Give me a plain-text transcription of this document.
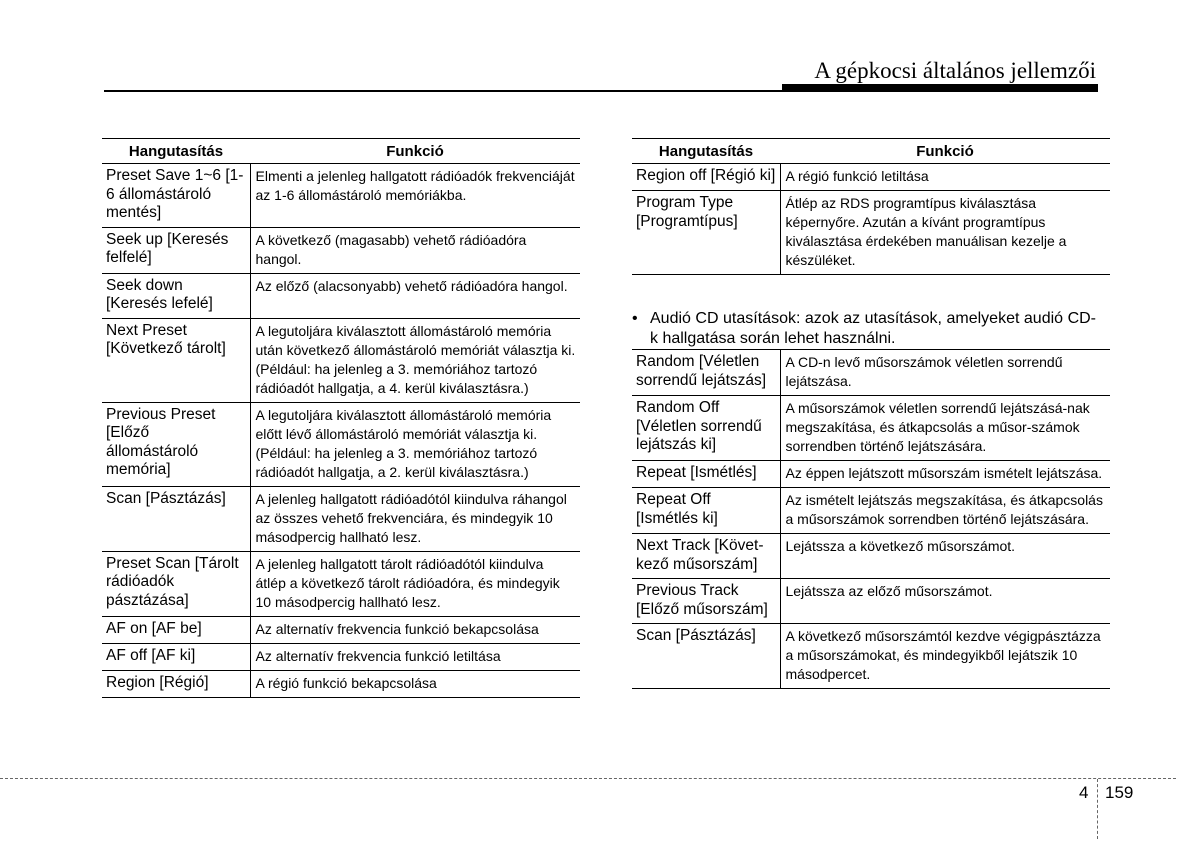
A gépkocsi általános jellemzői
Hangutasítás	Funkció
Preset Save 1~6 [1-6 állomástároló mentés]	Elmenti a jelenleg hallgatott rádióadók frekvenciáját az 1-6 állomástároló memóriákba.
Seek up [Keresés felfelé]	A következő (magasabb) vehető rádióadóra hangol.
Seek down [Keresés lefelé]	Az előző (alacsonyabb) vehető rádióadóra hangol.
Next Preset [Következő tárolt]	A legutoljára kiválasztott állomástároló memória után következő állomástároló memóriát választja ki. (Például: ha jelenleg a 3. memóriához tartozó rádióadót hallgatja, a 4. kerül kiválasztásra.)
Previous Preset [Előző állomástároló memória]	A legutoljára kiválasztott állomástároló memória előtt lévő állomástároló memóriát választja ki. (Például: ha jelenleg a 3. memóriához tartozó rádióadót hallgatja, a 2. kerül kiválasztásra.)
Scan [Pásztázás]	A jelenleg hallgatott rádióadótól kiindulva ráhangol az összes vehető frekvenciára, és mindegyik 10 másodpercig hallható lesz.
Preset Scan [Tárolt rádióadók pásztázása]	A jelenleg hallgatott tárolt rádióadótól kiindulva átlép a következő tárolt rádióadóra, és mindegyik 10 másodpercig hallható lesz.
AF on [AF be]	Az alternatív frekvencia funkció bekapcsolása
AF off [AF ki]	Az alternatív frekvencia funkció letiltása
Region [Régió]	A régió funkció bekapcsolása
Hangutasítás	Funkció
Region off [Régió ki]	A régió funkció letiltása
Program Type [Programtípus]	Átlép az RDS programtípus kiválasztása képernyőre. Azután a kívánt programtípus kiválasztása érdekében manuálisan kezelje a készüléket.
• Audió CD utasítások: azok az utasítások, amelyeket audió CD-k hallgatása során lehet használni.
Random [Véletlen sorrendű lejátszás]	A CD-n levő műsorszámok véletlen sorrendű lejátszása.
Random Off [Véletlen sorrendű lejátszás ki]	A műsorszámok véletlen sorrendű lejátszásá-nak megszakítása, és átkapcsolás a műsor-számok sorrendben történő lejátszására.
Repeat [Ismétlés]	Az éppen lejátszott műsorszám ismételt lejátszása.
Repeat Off [Ismétlés ki]	Az ismételt lejátszás megszakítása, és átkapcsolás a műsorszámok sorrendben történő lejátszására.
Next Track [Követ-kező műsorszám]	Lejátssza a következő műsorszámot.
Previous Track [Előző műsorszám]	Lejátssza az előző műsorszámot.
Scan [Pásztázás]	A következő műsorszámtól kezdve végigpásztázza a műsorszámokat, és mindegyikből lejátszik 10 másodpercet.
4 159
